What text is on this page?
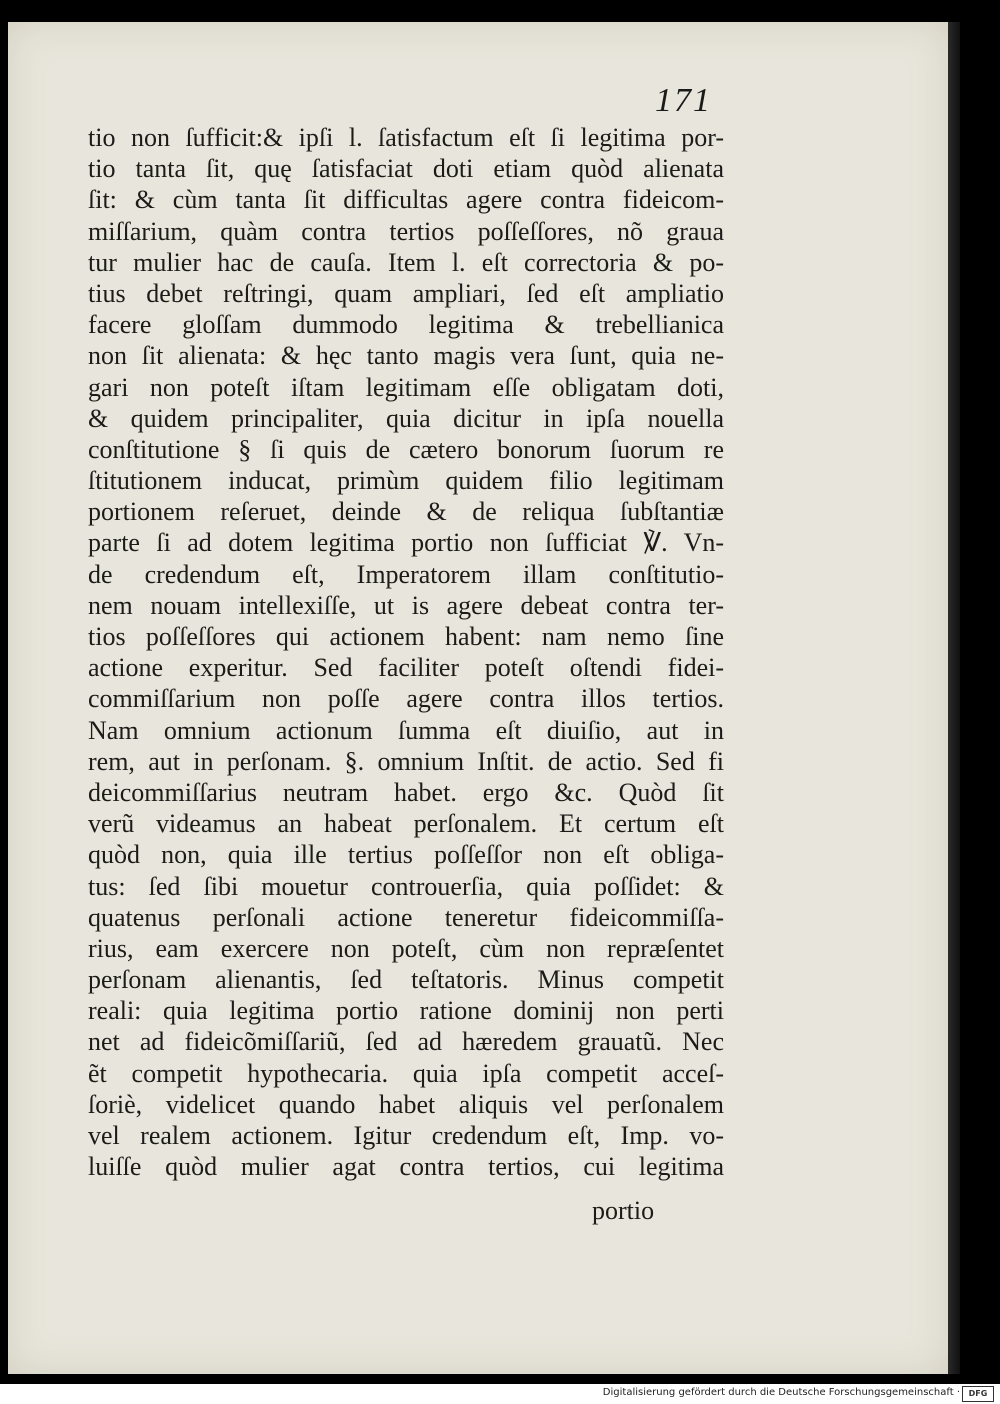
171
tio non ſufficit:& ipſi l. ſatisfactum eſt ſi legitima por-
tio tanta ſit, quę ſatisfaciat doti etiam quòd alienata
ſit: & cùm tanta ſit difficultas agere contra fideicom-
miſſarium, quàm contra tertios poſſeſſores, nõ graua
tur mulier hac de cauſa. Item l. eſt correctoria & po-
tius debet reſtringi, quam ampliari, ſed eſt ampliatio
facere gloſſam dummodo legitima & trebellianica
non ſit alienata: & hęc tanto magis vera ſunt, quia ne-
gari non poteſt iſtam legitimam eſſe obligatam doti,
& quidem principaliter, quia dicitur in ipſa nouella
conſtitutione § ſi quis de cætero bonorum ſuorum re
ſtitutionem inducat, primùm quidem filio legitimam
portionem reſeruet, deinde & de reliqua ſubſtantiæ
parte ſi ad dotem legitima portio non ſufficiat ℣. Vn-
de credendum eſt, Imperatorem illam conſtitutio-
nem nouam intellexiſſe, ut is agere debeat contra ter-
tios poſſeſſores qui actionem habent: nam nemo ſine
actione experitur. Sed faciliter poteſt oſtendi fidei-
commiſſarium non poſſe agere contra illos tertios.
Nam omnium actionum ſumma eſt diuiſio, aut in
rem, aut in perſonam. §. omnium Inſtit. de actio. Sed fi
deicommiſſarius neutram habet. ergo &c. Quòd ſit
verũ videamus an habeat perſonalem. Et certum eſt
quòd non, quia ille tertius poſſeſſor non eſt obliga-
tus: ſed ſibi mouetur controuerſia, quia poſſidet: &
quatenus perſonali actione teneretur fideicommiſſa-
rius, eam exercere non poteſt, cùm non repræſentet
perſonam alienantis, ſed teſtatoris. Minus competit
reali: quia legitima portio ratione dominij non perti
net ad fideicõmiſſariũ, ſed ad hæredem grauatũ. Nec
ẽt competit hypothecaria. quia ipſa competit acceſ-
ſoriè, videlicet quando habet aliquis vel perſonalem
vel realem actionem. Igitur credendum eſt, Imp. vo-
luiſſe quòd mulier agat contra tertios, cui legitima
portio
Digitalisierung gefördert durch die Deutsche Forschungsgemeinschaft ·	DFG
